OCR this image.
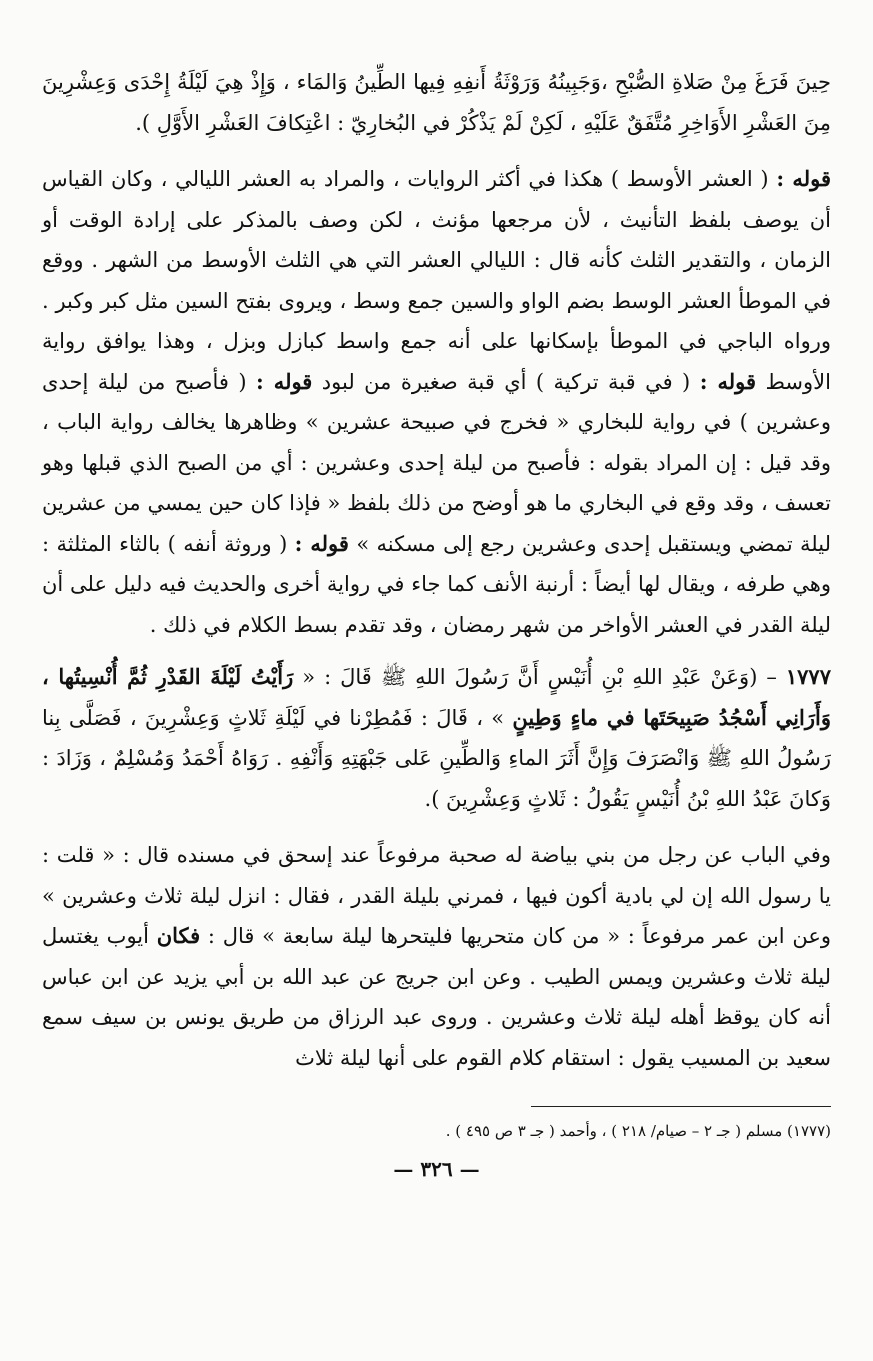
حِينَ فَرَغَ مِنْ صَلاةِ الصُّبْحِ ،وَجَبِينُهُ وَرَوْثَةُ أَنفِهِ فِيها الطِّينُ وَالمَاء ، وَإِذْ هِيَ لَيْلَةُ إِحْدَى وَعِشْرِينَ مِنَ العَشْرِ الأَوَاخِرِ مُتَّفَقٌ عَلَيْهِ ، لَكِنْ لَمْ يَذْكُرْ في البُخارِيّ : اعْتِكافَ العَشْرِ الأَوَّلِ ).

قوله : ( العشر الأوسط ) هكذا في أكثر الروايات ، والمراد به العشر الليالي ، وكان القياس أن يوصف بلفظ التأنيث ، لأن مرجعها مؤنث ، لكن وصف بالمذكر على إرادة الوقت أو الزمان ، والتقدير الثلث كأنه قال : الليالي العشر التي هي الثلث الأوسط من الشهر . ووقع في الموطأ العشر الوسط بضم الواو والسين جمع وسط ، ويروى بفتح السين مثل كبر وكبر . ورواه الباجي في الموطأ بإسكانها على أنه جمع واسط كبازل وبزل ، وهذا يوافق رواية الأوسط قوله : ( في قبة تركية ) أي قبة صغيرة من لبود قوله : ( فأصبح من ليلة إحدى وعشرين ) في رواية للبخاري « فخرج في صبيحة عشرين » وظاهرها يخالف رواية الباب ، وقد قيل : إن المراد بقوله : فأصبح من ليلة إحدى وعشرين : أي من الصبح الذي قبلها وهو تعسف ، وقد وقع في البخاري ما هو أوضح من ذلك بلفظ « فإذا كان حين يمسي من عشرين ليلة تمضي ويستقبل إحدى وعشرين رجع إلى مسكنه » قوله : ( وروثة أنفه ) بالثاء المثلثة : وهي طرفه ، ويقال لها أيضاً : أرنبة الأنف كما جاء في رواية أخرى والحديث فيه دليل على أن ليلة القدر في العشر الأواخر من شهر رمضان ، وقد تقدم بسط الكلام في ذلك .

١٧٧٧ – (وَعَنْ عَبْدِ اللهِ بْنِ أُنَيْسٍ أَنَّ رَسُولَ اللهِ ﷺ قَالَ : « رَأَيْتُ لَيْلَةَ القَدْرِ ثُمَّ أُنْسِيتُها ، وَأَرَانِي أَسْجُدُ صَبِيحَتَها في ماءٍ وَطِينٍ » ، قَالَ : فَمُطِرْنا في لَيْلَةِ ثَلاثٍ وَعِشْرِينَ ، فَصَلَّى بِنا رَسُولُ اللهِ ﷺ وَانْصَرَفَ وَإِنَّ أَثَرَ الماءِ وَالطِّينِ عَلى جَبْهَتِهِ وَأَنْفِهِ . رَوَاهُ أَحْمَدُ وَمُسْلِمٌ ، وَزَادَ : وَكانَ عَبْدُ اللهِ بْنُ أُنَيْسٍ يَقُولُ : ثَلاثٍ وَعِشْرِينَ ).

وفي الباب عن رجل من بني بياضة له صحبة مرفوعاً عند إسحق في مسنده قال : « قلت : يا رسول الله إن لي بادية أكون فيها ، فمرني بليلة القدر ، فقال : انزل ليلة ثلاث وعشرين » وعن ابن عمر مرفوعاً : « من كان متحريها فليتحرها ليلة سابعة » قال : فكان أيوب يغتسل ليلة ثلاث وعشرين ويمس الطيب . وعن ابن جريج عن عبد الله بن أبي يزيد عن ابن عباس أنه كان يوقظ أهله ليلة ثلاث وعشرين . وروى عبد الرزاق من طريق يونس بن سيف سمع سعيد بن المسيب يقول : استقام كلام القوم على أنها ليلة ثلاث

(١٧٧٧) مسلم ( جـ ٢ – صيام/ ٢١٨ ) ، وأحمد ( جـ ٣ ص ٤٩٥ ) .

— ٣٢٦ —
